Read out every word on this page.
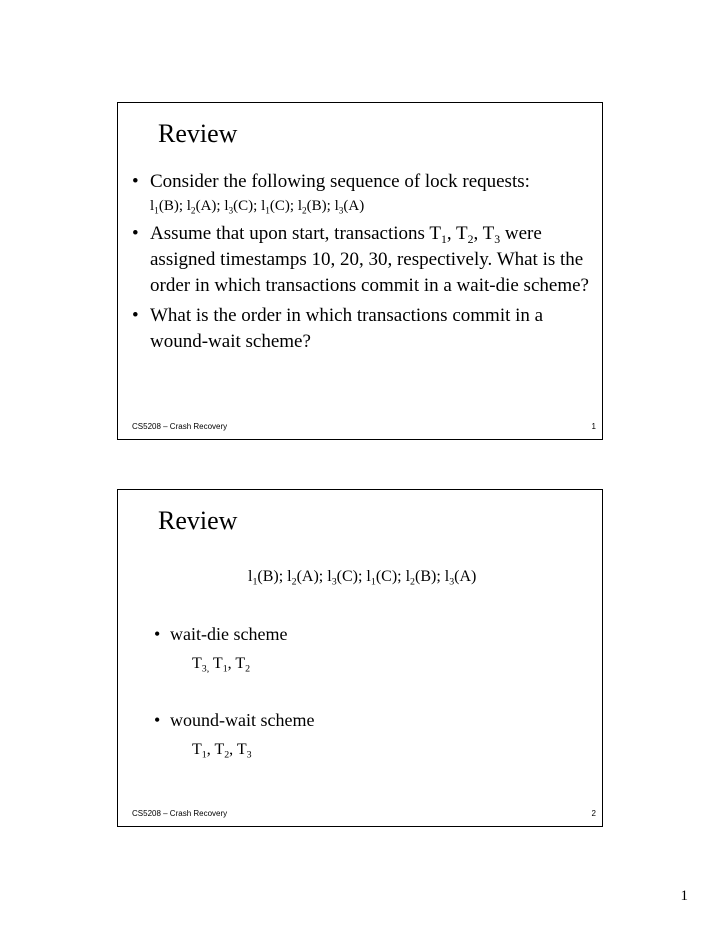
Review
• Consider the following sequence of lock requests:
$l_1(B)$; $l_2(A)$; $l_3(C)$; $l_1(C)$; $l_2(B)$; $l_3(A)$
• Assume that upon start, transactions $T_1$, $T_2$, $T_3$ were assigned timestamps 10, 20, 30, respectively. What is the order in which transactions commit in a wait-die scheme?
• What is the order in which transactions commit in a wound-wait scheme?
CS5208 – Crash Recovery	1
Review
$l_1(B)$; $l_2(A)$; $l_3(C)$; $l_1(C)$; $l_2(B)$; $l_3(A)$
• wait-die scheme
$T_{3,}$ $T_1$, $T_2$
• wound-wait scheme
$T_1$, $T_2$, $T_3$
CS5208 – Crash Recovery	2
1
